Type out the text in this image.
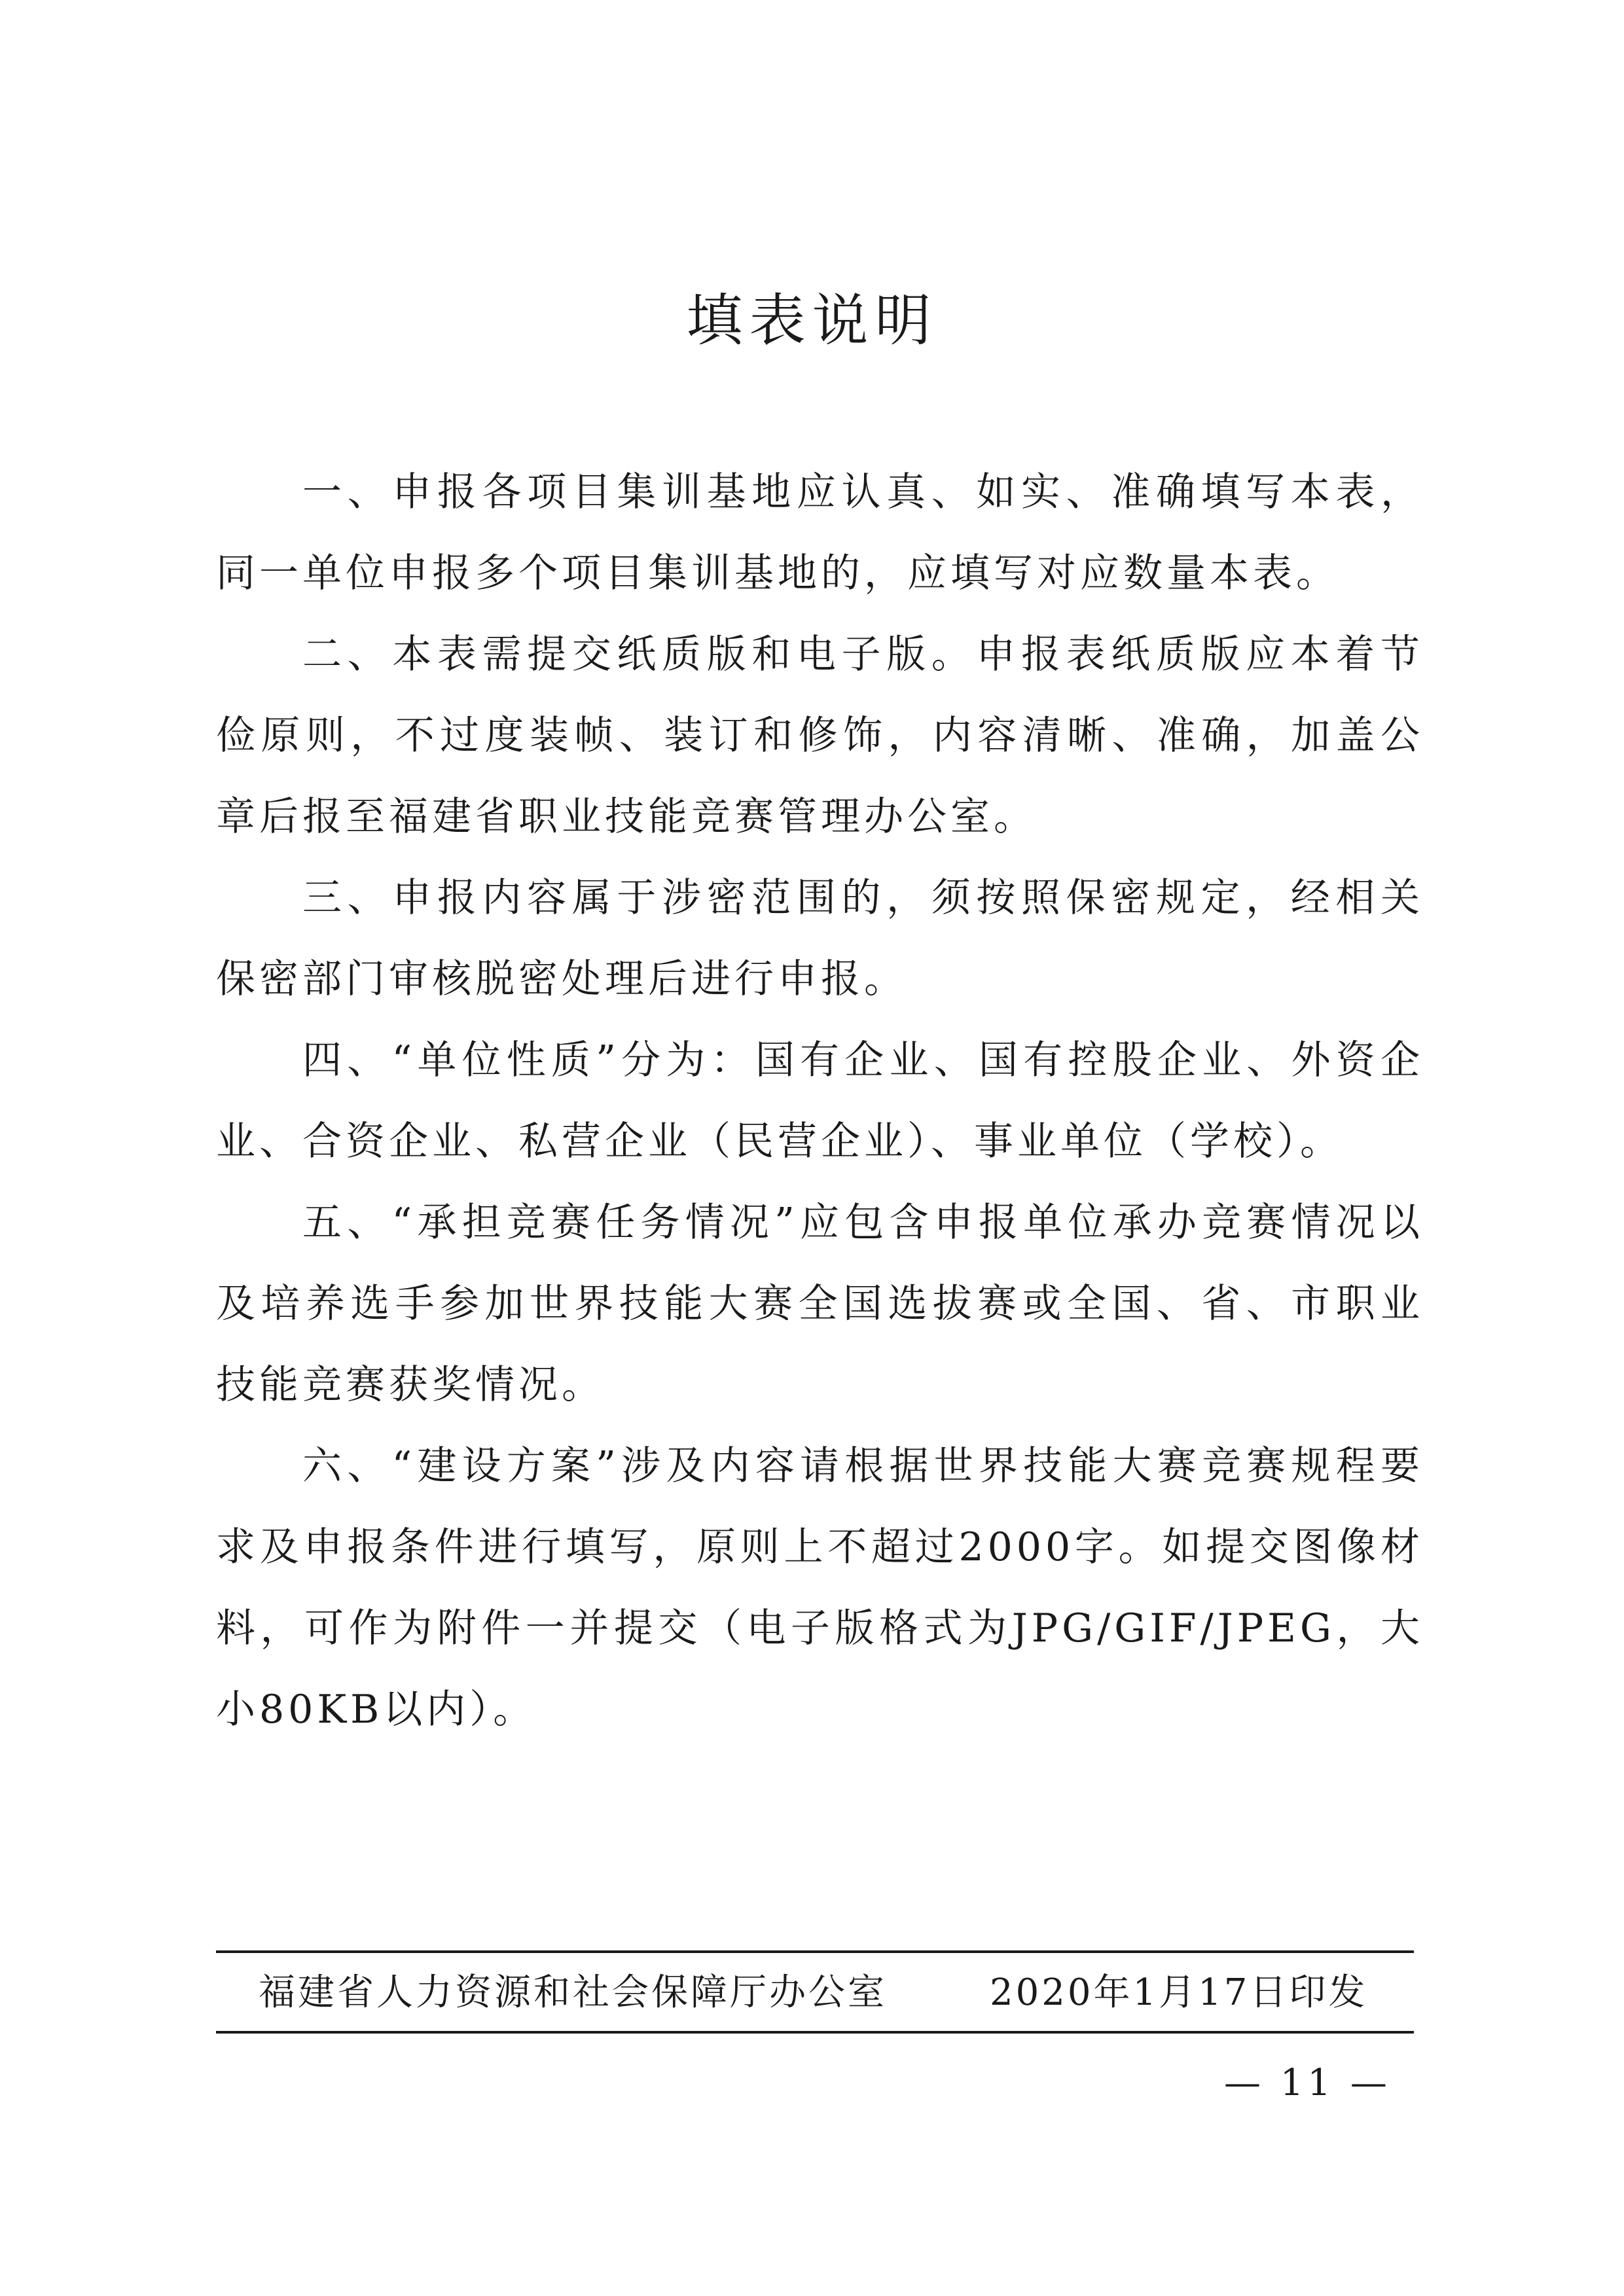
填表说明

一、申报各项目集训基地应认真、如实、准确填写本表，同一单位申报多个项目集训基地的，应填写对应数量本表。

二、本表需提交纸质版和电子版。申报表纸质版应本着节俭原则，不过度装帧、装订和修饰，内容清晰、准确，加盖公章后报至福建省职业技能竞赛管理办公室。

三、申报内容属于涉密范围的，须按照保密规定，经相关保密部门审核脱密处理后进行申报。

四、“单位性质”分为：国有企业、国有控股企业、外资企业、合资企业、私营企业（民营企业）、事业单位（学校）。

五、“承担竞赛任务情况”应包含申报单位承办竞赛情况以及培养选手参加世界技能大赛全国选拔赛或全国、省、市职业技能竞赛获奖情况。

六、“建设方案”涉及内容请根据世界技能大赛竞赛规程要求及申报条件进行填写，原则上不超过2000字。如提交图像材料，可作为附件一并提交（电子版格式为JPG/GIF/JPEG，大小80KB以内）。

福建省人力资源和社会保障厅办公室	2020年1月17日印发
— 11 —
